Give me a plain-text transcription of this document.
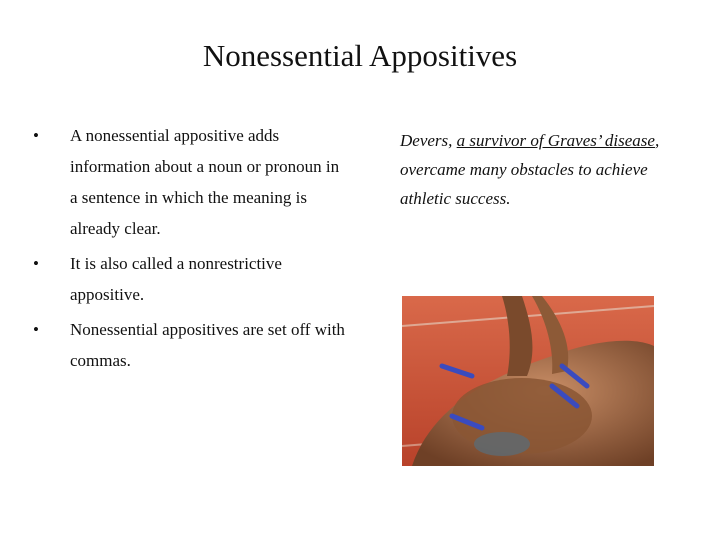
Nonessential Appositives
• A nonessential appositive adds information about a noun or pronoun in a sentence in which the meaning is already clear.
• It is also called a nonrestrictive appositive.
• Nonessential appositives are set off with commas.

Devers, a survivor of Graves’ disease, overcame many obstacles to achieve athletic success.
